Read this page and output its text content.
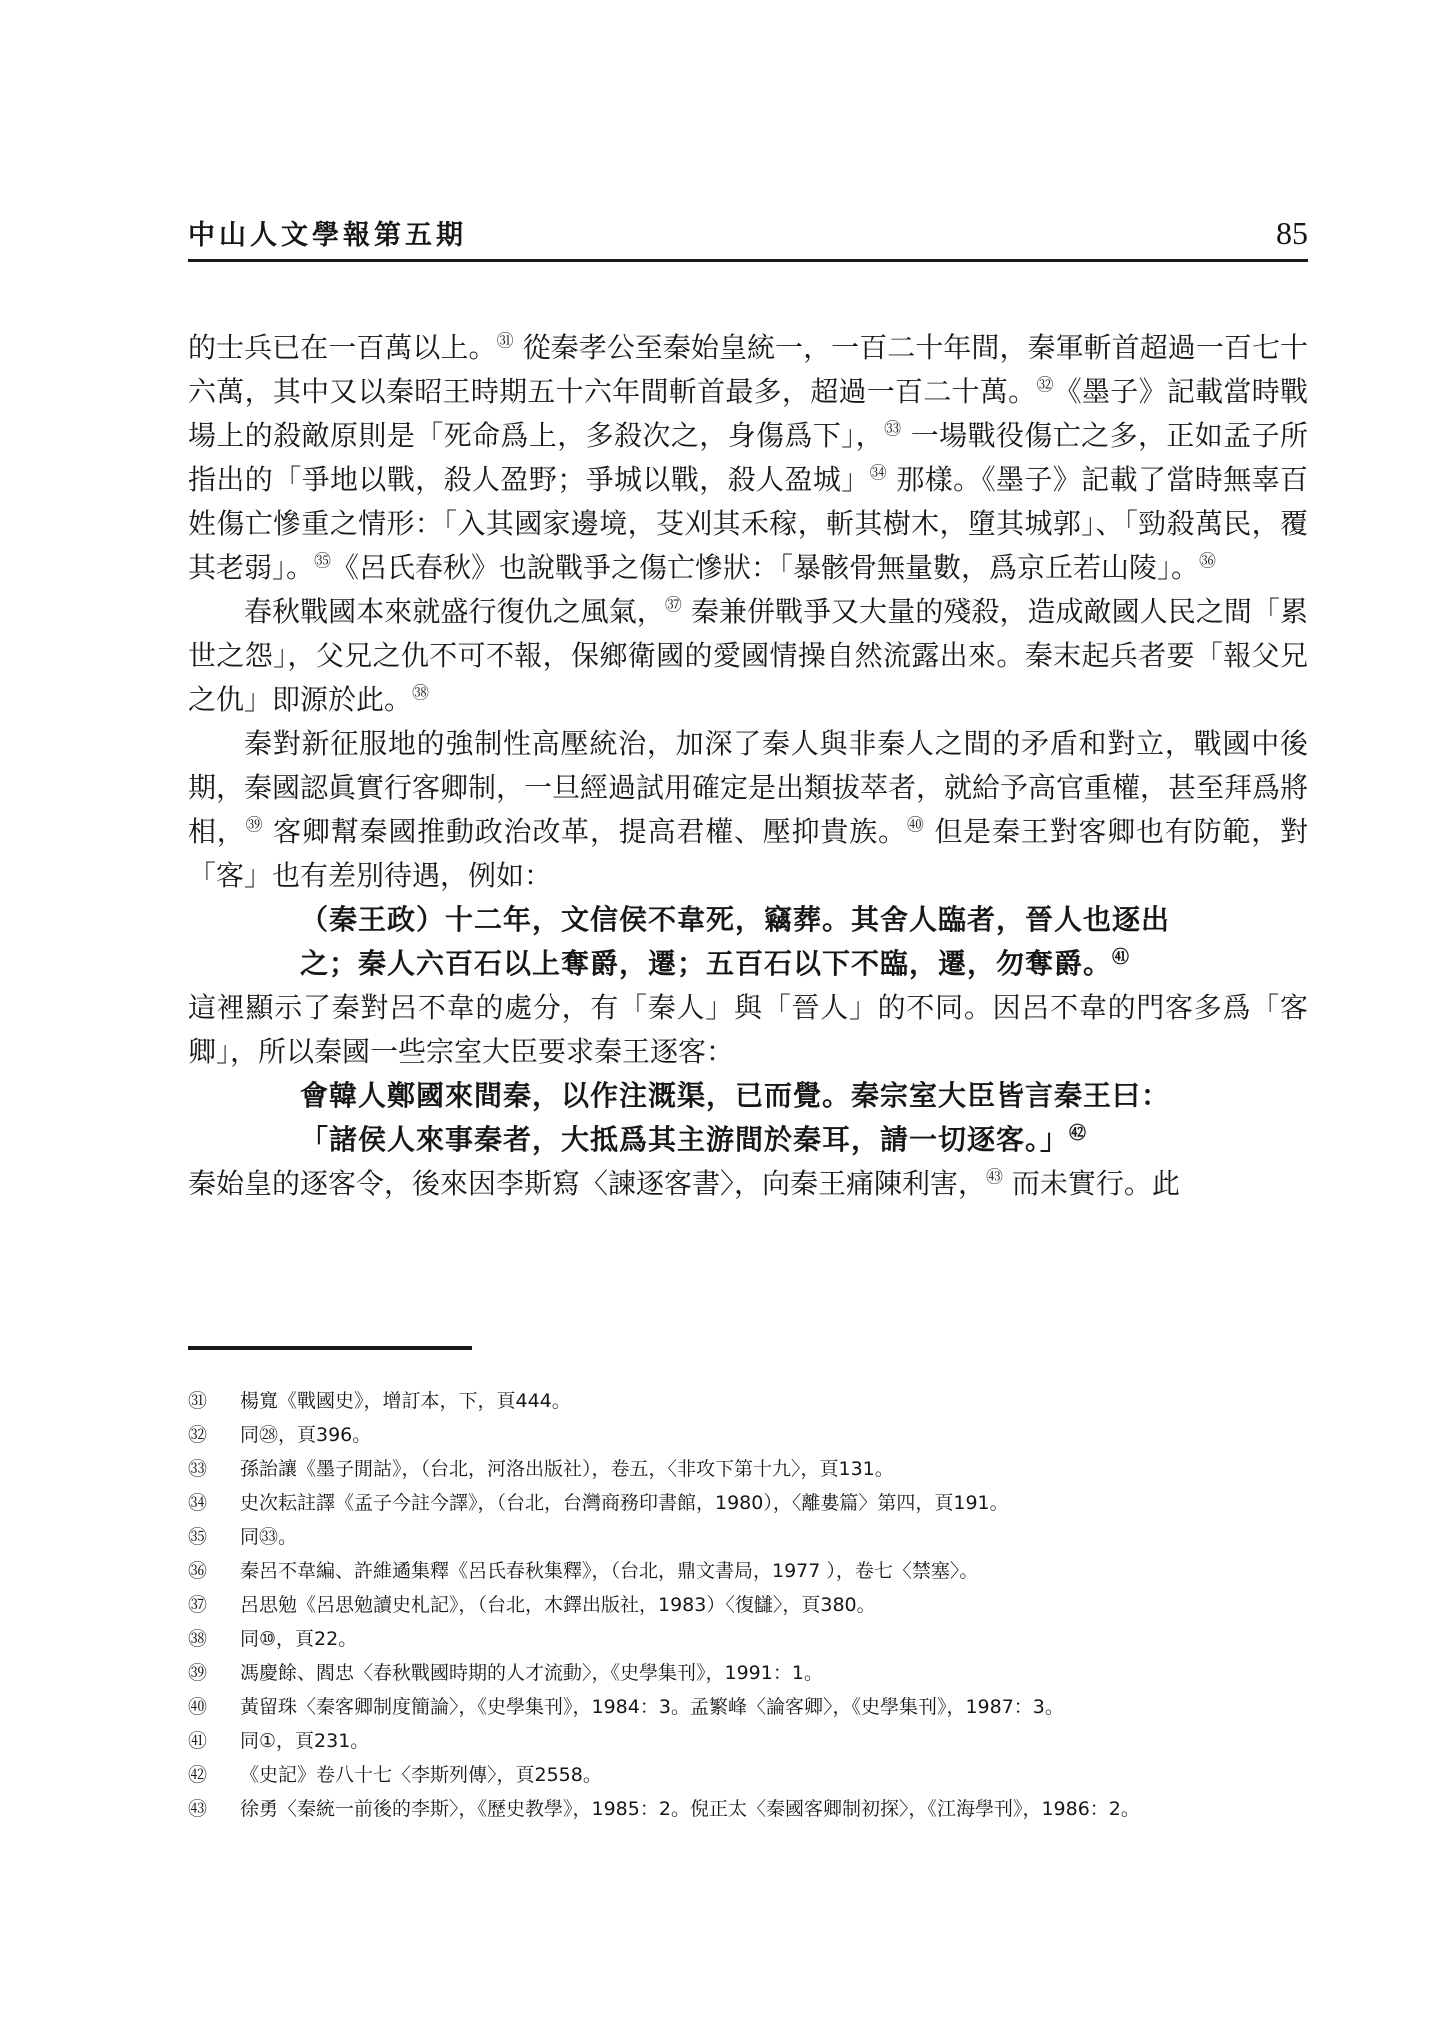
中山人文學報第五期	85

的士兵已在一百萬以上。$^㉛$ 從秦孝公至秦始皇統一，一百二十年間，秦軍斬首超過一百七十六萬，其中又以秦昭王時期五十六年間斬首最多，超過一百二十萬。$^㉜$《墨子》記載當時戰場上的殺敵原則是「死命爲上，多殺次之，身傷爲下」，$^㉝$ 一場戰役傷亡之多，正如孟子所指出的「爭地以戰，殺人盈野；爭城以戰，殺人盈城」$^㉞$ 那樣。《墨子》記載了當時無辜百姓傷亡慘重之情形：「入其國家邊境，芟刈其禾稼，斬其樹木，墮其城郭」、「勁殺萬民，覆其老弱」。$^㉟$《呂氏春秋》也說戰爭之傷亡慘狀：「暴骸骨無量數，爲京丘若山陵」。$^㊱$

春秋戰國本來就盛行復仇之風氣，$^㊲$ 秦兼併戰爭又大量的殘殺，造成敵國人民之間「累世之怨」，父兄之仇不可不報，保鄉衛國的愛國情操自然流露出來。秦末起兵者要「報父兄之仇」即源於此。$^㊳$

秦對新征服地的強制性高壓統治，加深了秦人與非秦人之間的矛盾和對立，戰國中後期，秦國認眞實行客卿制，一旦經過試用確定是出類拔萃者，就給予高官重權，甚至拜爲將相，$^㊴$ 客卿幫秦國推動政治改革，提高君權、壓抑貴族。$^㊵$ 但是秦王對客卿也有防範，對「客」也有差別待遇，例如：

（秦王政）十二年，文信侯不韋死，竊葬。其舍人臨者，晉人也逐出

之；秦人六百石以上奪爵，遷；五百石以下不臨，遷，勿奪爵。$^㊶$

這裡顯示了秦對呂不韋的處分，有「秦人」與「晉人」的不同。因呂不韋的門客多爲「客卿」，所以秦國一些宗室大臣要求秦王逐客：

會韓人鄭國來間秦，以作注溉渠，已而覺。秦宗室大臣皆言秦王曰：

「諸侯人來事秦者，大抵爲其主游間於秦耳，請一切逐客。」$^㊷$

秦始皇的逐客令，後來因李斯寫〈諫逐客書〉，向秦王痛陳利害，$^㊸$ 而未實行。此

㉛	楊寬《戰國史》，增訂本，下，頁444。
㉜	同㉘，頁396。
㉝	孫詒讓《墨子閒詁》，（台北，河洛出版社），卷五，〈非攻下第十九〉，頁131。
㉞	史次耘註譯《孟子今註今譯》，（台北，台灣商務印書館，1980），〈離婁篇〉第四，頁191。
㉟	同㉝。
㊱	秦呂不韋編、許維遹集釋《呂氏春秋集釋》，（台北，鼎文書局，1977 ），卷七〈禁塞〉。
㊲	呂思勉《呂思勉讀史札記》，（台北，木鐸出版社，1983）〈復讎〉，頁380。
㊳	同⑩，頁22。
㊴	馮慶餘、閻忠〈春秋戰國時期的人才流動〉，《史學集刊》，1991：1。
㊵	黃留珠〈秦客卿制度簡論〉，《史學集刊》，1984：3。孟繁峰〈論客卿〉，《史學集刊》，1987：3。
㊶	同①，頁231。
㊷	《史記》卷八十七〈李斯列傳〉，頁2558。
㊸	徐勇〈秦統一前後的李斯〉，《歷史教學》，1985：2。倪正太〈秦國客卿制初探〉，《江海學刊》，1986：2。
